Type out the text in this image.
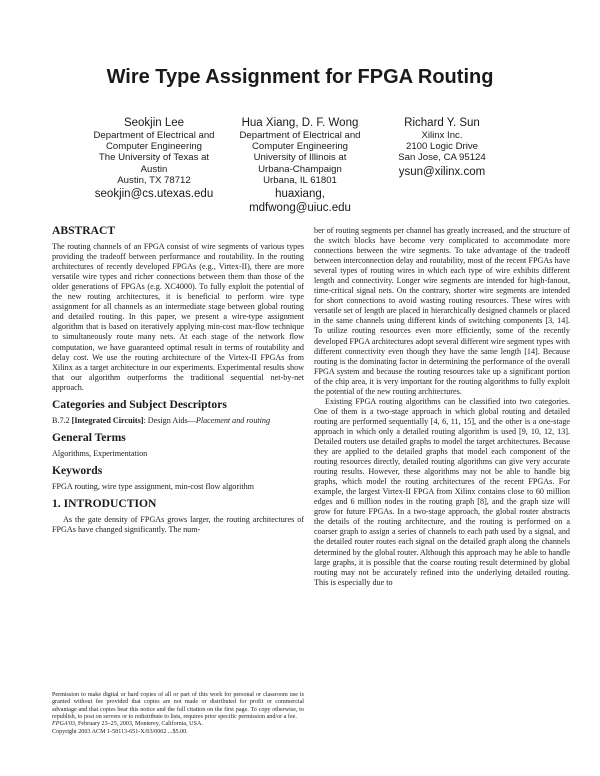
Wire Type Assignment for FPGA Routing
Seokjin Lee
Department of Electrical and
Computer Engineering
The University of Texas at
Austin
Austin, TX 78712
seokjin@cs.utexas.edu
Hua Xiang, D. F. Wong
Department of Electrical and
Computer Engineering
University of Illinois at
Urbana-Champaign
Urbana, IL 61801
huaxiang,
mdfwong@uiuc.edu
Richard Y. Sun
Xilinx Inc.
2100 Logic Drive
San Jose, CA 95124
ysun@xilinx.com
ABSTRACT

The routing channels of an FPGA consist of wire segments of various types providing the tradeoff between performance and routability. In the routing architectures of recently developed FPGAs (e.g., Virtex-II), there are more versatile wire types and richer connections between them than those of the older generations of FPGAs (e.g. XC4000). To fully exploit the potential of the new routing architectures, it is beneficial to perform wire type assignment for all channels as an intermediate stage between global routing and detailed routing. In this paper, we present a wire-type assignment algorithm that is based on iteratively applying min-cost max-flow technique to simultaneously route many nets. At each stage of the network flow computation, we have guaranteed optimal result in terms of routability and delay cost. We use the routing architecture of the Virtex-II FPGAs from Xilinx as a target architecture in our experiments. Experimental results show that our algorithm outperforms the traditional sequential net-by-net approach.

Categories and Subject Descriptors

B.7.2 [Integrated Circuits]: Design Aids—Placement and routing

General Terms

Algorithms, Experimentation

Keywords

FPGA routing, wire type assignment, min-cost flow algorithm

1. INTRODUCTION

As the gate density of FPGAs grows larger, the routing architectures of FPGAs have changed significantly. The num-

ber of routing segments per channel has greatly increased, and the structure of the switch blocks have become very complicated to accommodate more connections between the wire segments. To take advantage of the tradeoff between interconnection delay and routability, most of the recent FPGAs have several types of routing wires in which each type of wire exhibits different length and connectivity. Longer wire segments are intended for high-fanout, time-critical signal nets. On the contrary, shorter wire segments are intended for short connections to avoid wasting routing resources. These wires with versatile set of length are placed in hierarchically designed channels or placed in the same channels using different kinds of switching components [3, 14]. To utilize routing resources even more efficiently, some of the recently developed FPGA architectures adopt several different wire segment types with different connectivity even though they have the same length [14]. Because routing is the dominating factor in determining the performance of the overall FPGA system and because the routing resources take up a significant portion of the chip area, it is very important for the routing algorithms to fully exploit the potential of the new routing architectures.

Existing FPGA routing algorithms can be classified into two categories. One of them is a two-stage approach in which global routing and detailed routing are performed sequentially [4, 6, 11, 15], and the other is a one-stage approach in which only a detailed routing algorithm is used [9, 10, 12, 13]. Detailed routers use detailed graphs to model the target architectures. Because they are applied to the detailed graphs that model each component of the routing resources directly, detailed routing algorithms can give very accurate routing results. However, these algorithms may not be able to handle big graphs, which model the routing architectures of the recent FPGAs. For example, the largest Virtex-II FPGA from Xilinx contains close to 60 million edges and 6 million nodes in the routing graph [8], and the graph size will grow for future FPGAs. In a two-stage approach, the global router abstracts the details of the routing architecture, and the routing is performed on a coarser graph to assign a series of channels to each path used by a signal, and the detailed router routes each signal on the detailed graph along the channels determined by the global router. Although this approach may be able to handle large graphs, it is possible that the coarse routing result determined by global routing may not be accurately refined into the underlying detailed routing. This is especially due to

Permission to make digital or hard copies of all or part of this work for personal or classroom use is granted without fee provided that copies are not made or distributed for profit or commercial advantage and that copies bear this notice and the full citation on the first page. To copy otherwise, to republish, to post on servers or to redistribute to lists, requires prior specific permission and/or a fee.

FPGA'03, February 23–25, 2003, Monterey, California, USA.

Copyright 2003 ACM 1-58113-651-X/03/0002 ...$5.00.
